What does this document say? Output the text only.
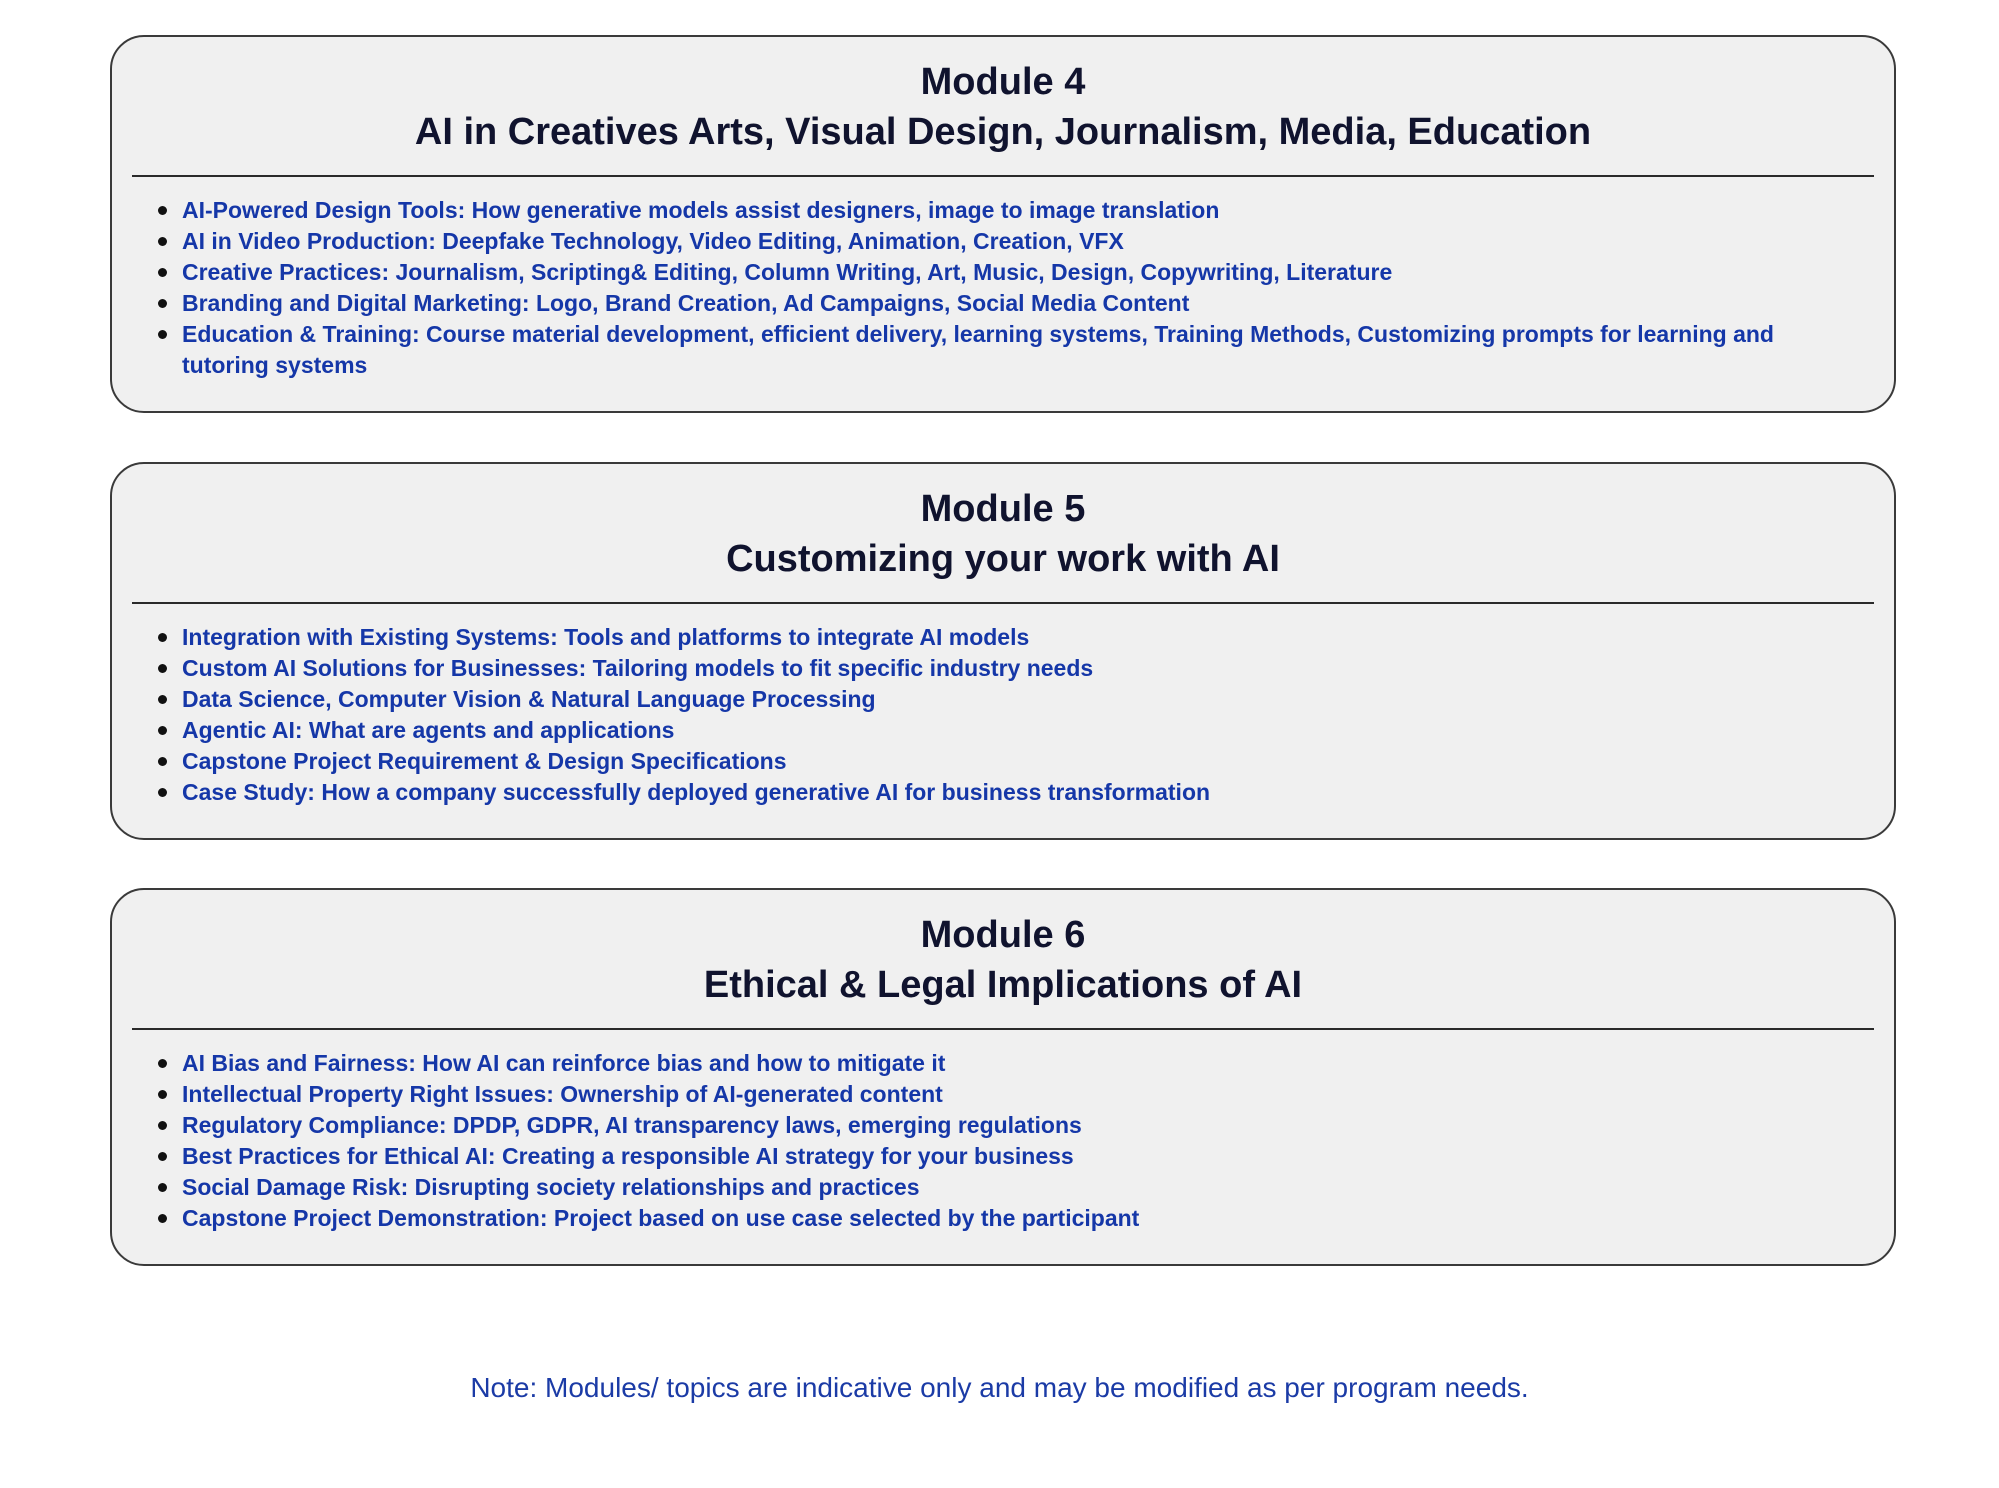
Module 4
AI in Creatives Arts, Visual Design, Journalism, Media, Education
AI-Powered Design Tools: How generative models assist designers, image to image translation
AI in Video Production: Deepfake Technology, Video Editing, Animation, Creation, VFX
Creative Practices: Journalism, Scripting& Editing, Column Writing, Art, Music, Design, Copywriting, Literature
Branding and Digital Marketing: Logo, Brand Creation, Ad Campaigns, Social Media Content
Education & Training: Course material development, efficient delivery, learning systems, Training Methods, Customizing prompts for learning and tutoring systems
Module 5
Customizing your work with AI
Integration with Existing Systems: Tools and platforms to integrate AI models
Custom AI Solutions for Businesses: Tailoring models to fit specific industry needs
Data Science, Computer Vision & Natural Language Processing
Agentic AI: What are agents and applications
Capstone Project Requirement & Design Specifications
Case Study: How a company successfully deployed generative AI for business transformation
Module 6
Ethical & Legal Implications of AI
AI Bias and Fairness: How AI can reinforce bias and how to mitigate it
Intellectual Property Right Issues: Ownership of AI-generated content
Regulatory Compliance: DPDP, GDPR, AI transparency laws, emerging regulations
Best Practices for Ethical AI: Creating a responsible AI strategy for your business
Social Damage Risk: Disrupting society relationships and practices
Capstone Project Demonstration: Project based on use case selected by the participant
Note: Modules/ topics are indicative only and may be modified as per program needs.
